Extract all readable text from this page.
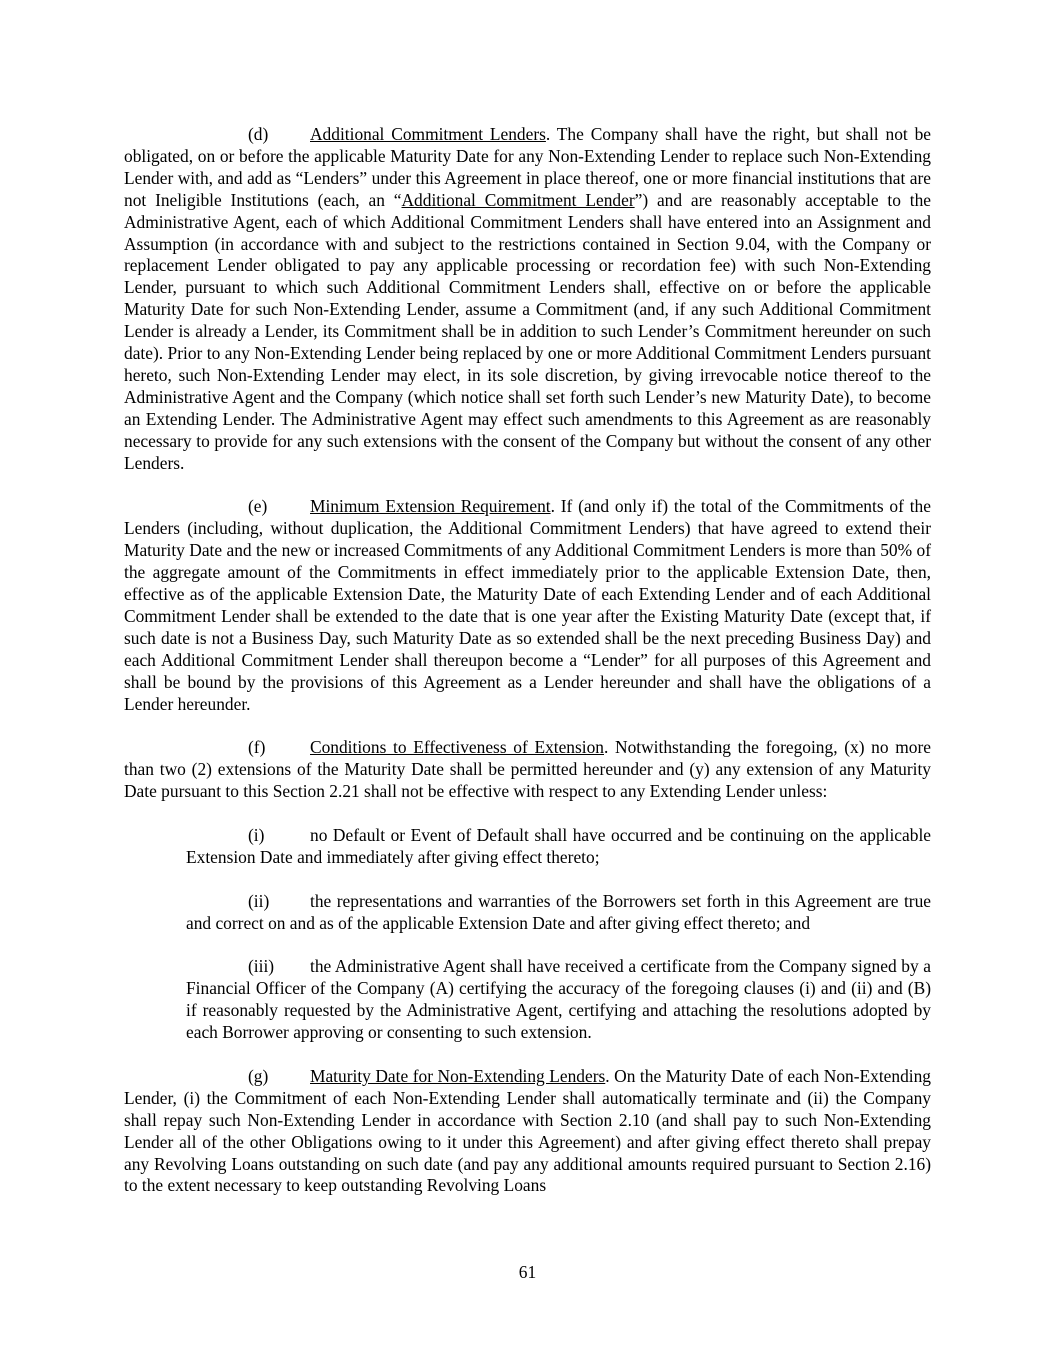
(d) Additional Commitment Lenders. The Company shall have the right, but shall not be obligated, on or before the applicable Maturity Date for any Non-Extending Lender to replace such Non-Extending Lender with, and add as “Lenders” under this Agreement in place thereof, one or more financial institutions that are not Ineligible Institutions (each, an “Additional Commitment Lender”) and are reasonably acceptable to the Administrative Agent, each of which Additional Commitment Lenders shall have entered into an Assignment and Assumption (in accordance with and subject to the restrictions contained in Section 9.04, with the Company or replacement Lender obligated to pay any applicable processing or recordation fee) with such Non-Extending Lender, pursuant to which such Additional Commitment Lenders shall, effective on or before the applicable Maturity Date for such Non-Extending Lender, assume a Commitment (and, if any such Additional Commitment Lender is already a Lender, its Commitment shall be in addition to such Lender’s Commitment hereunder on such date). Prior to any Non-Extending Lender being replaced by one or more Additional Commitment Lenders pursuant hereto, such Non-Extending Lender may elect, in its sole discretion, by giving irrevocable notice thereof to the Administrative Agent and the Company (which notice shall set forth such Lender’s new Maturity Date), to become an Extending Lender. The Administrative Agent may effect such amendments to this Agreement as are reasonably necessary to provide for any such extensions with the consent of the Company but without the consent of any other Lenders.

(e) Minimum Extension Requirement. If (and only if) the total of the Commitments of the Lenders (including, without duplication, the Additional Commitment Lenders) that have agreed to extend their Maturity Date and the new or increased Commitments of any Additional Commitment Lenders is more than 50% of the aggregate amount of the Commitments in effect immediately prior to the applicable Extension Date, then, effective as of the applicable Extension Date, the Maturity Date of each Extending Lender and of each Additional Commitment Lender shall be extended to the date that is one year after the Existing Maturity Date (except that, if such date is not a Business Day, such Maturity Date as so extended shall be the next preceding Business Day) and each Additional Commitment Lender shall thereupon become a “Lender” for all purposes of this Agreement and shall be bound by the provisions of this Agreement as a Lender hereunder and shall have the obligations of a Lender hereunder.

(f)	Conditions to Effectiveness of Extension. Notwithstanding the foregoing, (x) no more than two (2) extensions of the Maturity Date shall be permitted hereunder and (y) any extension of any Maturity Date pursuant to this Section 2.21 shall not be effective with respect to any Extending Lender unless:

(i)	no Default or Event of Default shall have occurred and be continuing on the applicable Extension Date and immediately after giving effect thereto;

(ii) the representations and warranties of the Borrowers set forth in this Agreement are true and correct on and as of the applicable Extension Date and after giving effect thereto; and

(iii) the Administrative Agent shall have received a certificate from the Company signed by a Financial Officer of the Company (A) certifying the accuracy of the foregoing clauses (i) and (ii) and (B) if reasonably requested by the Administrative Agent, certifying and attaching the resolutions adopted by each Borrower approving or consenting to such extension.

(g) Maturity Date for Non-Extending Lenders. On the Maturity Date of each Non-Extending Lender, (i) the Commitment of each Non-Extending Lender shall automatically terminate and (ii) the Company shall repay such Non-Extending Lender in accordance with Section 2.10 (and shall pay to such Non-Extending Lender all of the other Obligations owing to it under this Agreement) and after giving effect thereto shall prepay any Revolving Loans outstanding on such date (and pay any additional amounts required pursuant to Section 2.16) to the extent necessary to keep outstanding Revolving Loans

61
